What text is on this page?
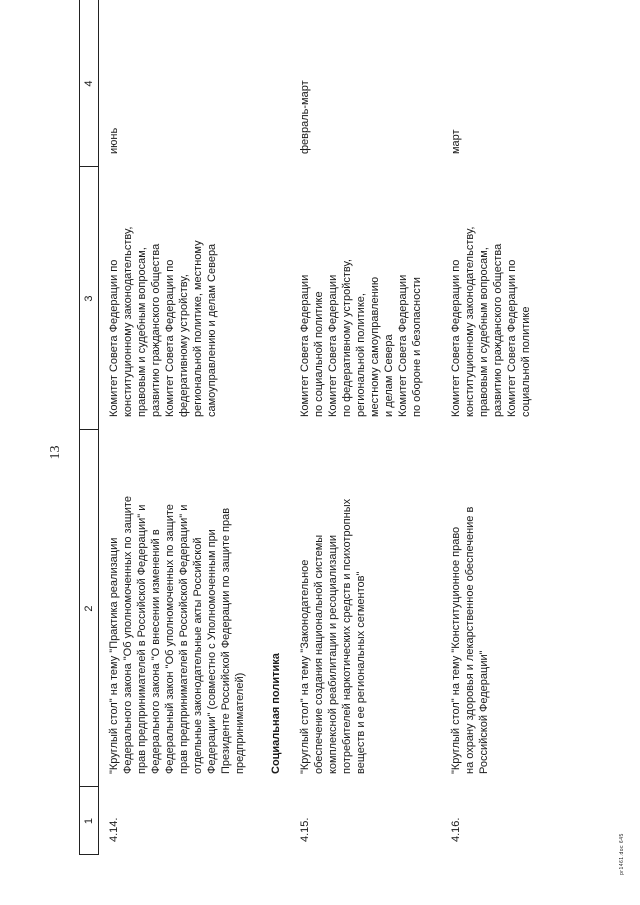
13
1
2
3
4
4.14.
"Круглый стол" на тему "Практика реализации
Федерального закона "Об уполномоченных по защите
прав предпринимателей в Российской Федерации" и
Федерального закона "О внесении изменений в
Федеральный закон "Об уполномоченных по защите
прав предпринимателей в Российской Федерации" и
отдельные законодательные акты Российской
Федерации" (совместно с Уполномоченным при
Президенте Российской Федерации по защите прав
предпринимателей)
Комитет Совета Федерации по
конституционному законодательству,
правовым и судебным вопросам,
развитию гражданского общества
Комитет Совета Федерации по
федеративному устройству,
региональной политике, местному
самоуправлению и делам Севера
июнь
Социальная политика
4.15.
"Круглый стол" на тему "Законодательное
обеспечение создания национальной системы
комплексной реабилитации и ресоциализации
потребителей наркотических средств и психотропных
веществ и ее региональных сегментов"
Комитет Совета Федерации
по социальной политике
Комитет Совета Федерации
по федеративному устройству,
региональной политике,
местному самоуправлению
и делам Севера
Комитет Совета Федерации
по обороне и безопасности
февраль-март
4.16.
"Круглый стол" на тему "Конституционное право
на охрану здоровья и лекарственное обеспечение в
Российской Федерации"
Комитет Совета Федерации по
конституционному законодательству,
правовым и судебным вопросам,
развитию гражданского общества
Комитет Совета Федерации по
социальной политике
март
pr1461.doc 645
